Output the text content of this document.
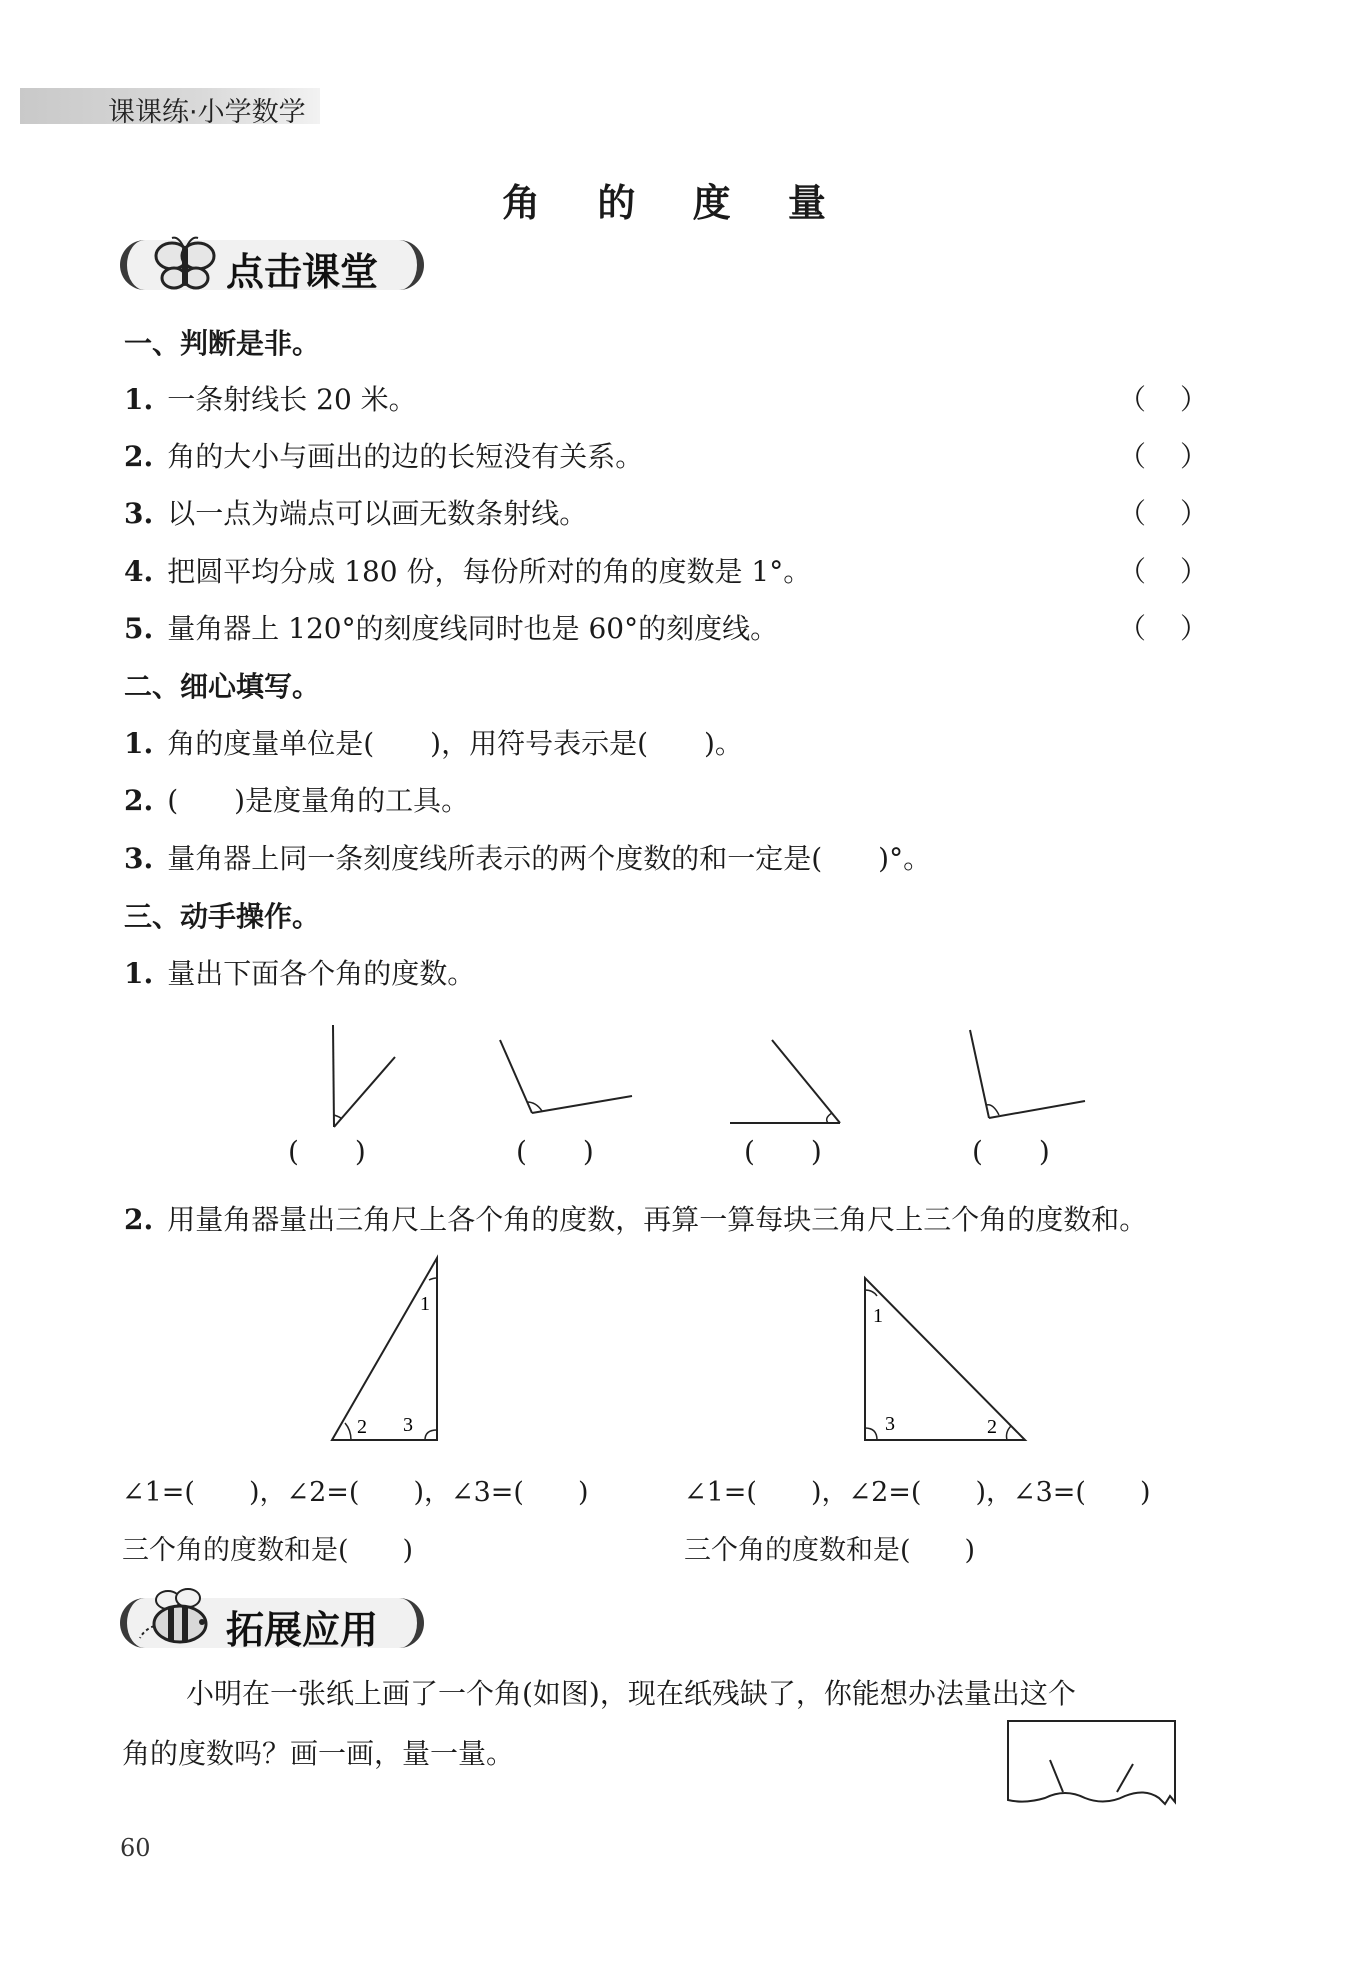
课课练·小学数学
角 的 度 量
点击课堂
一、判断是非。
1. 一条射线长 20 米。	（ ）
2. 角的大小与画出的边的长短没有关系。	（ ）
3. 以一点为端点可以画无数条射线。	（ ）
4. 把圆平均分成 180 份，每份所对的角的度数是 1°。	（ ）
5. 量角器上 120°的刻度线同时也是 60°的刻度线。	（ ）
二、细心填写。
1. 角的度量单位是(　　)，用符号表示是(　　)。
2. (　　)是度量角的工具。
3. 量角器上同一条刻度线所表示的两个度数的和一定是(　　)°。
三、动手操作。
1. 量出下面各个角的度数。
(　　)	(　　)	(　　)	(　　)
2. 用量角器量出三角尺上各个角的度数，再算一算每块三角尺上三个角的度数和。
1
2 3
1
2
3
∠1=(　　)，∠2=(　　)，∠3=(　　)	∠1=(　　)，∠2=(　　)，∠3=(　　)
三个角的度数和是(　　)	三个角的度数和是(　　)
拓展应用
小明在一张纸上画了一个角(如图)，现在纸残缺了，你能想办法量出这个
角的度数吗？画一画，量一量。
60
